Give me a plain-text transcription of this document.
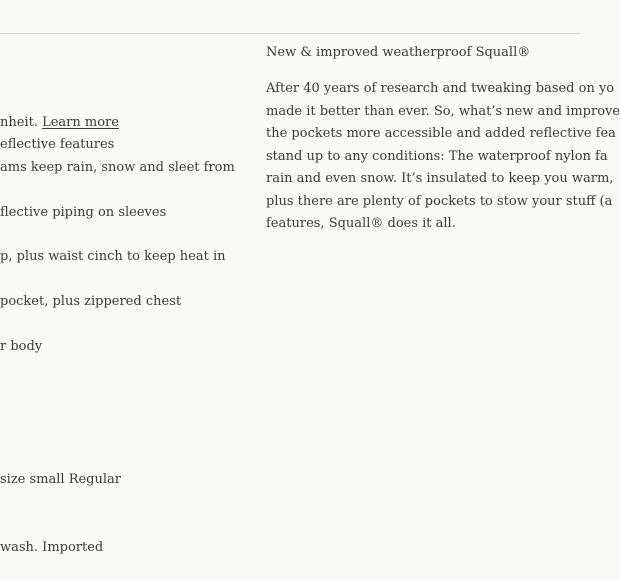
nheit. Learn more
eflective features
ams keep rain, snow and sleet from
flective piping on sleeves
p, plus waist cinch to keep heat in
pocket, plus zippered chest
r body
size small Regular
wash. Imported
New & improved weatherproof Squall®
After 40 years of research and tweaking based on yo
made it better than ever. So, what’s new and improve
the pockets more accessible and added reflective fea
stand up to any conditions: The waterproof nylon fa
rain and even snow. It’s insulated to keep you warm,
plus there are plenty of pockets to stow your stuff (a
features, Squall® does it all.
